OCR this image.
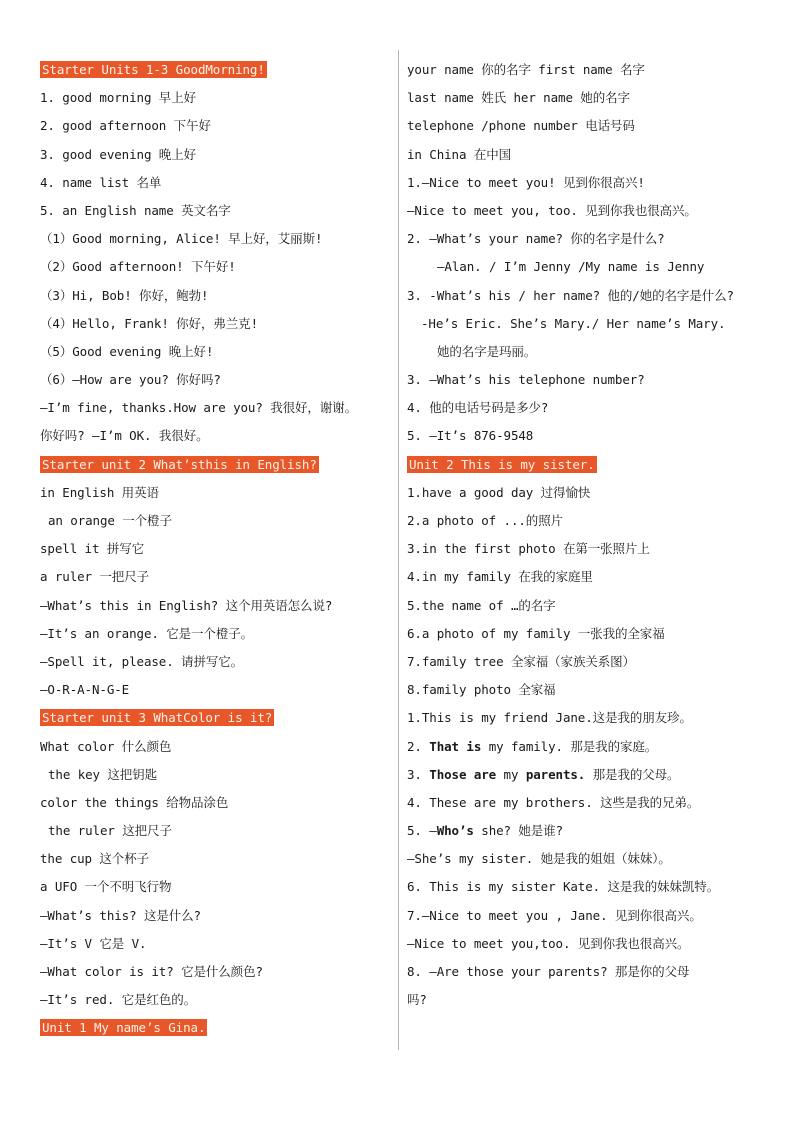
Starter Units 1-3 GoodMorning!
1. good morning 早上好
2. good afternoon 下午好
3. good evening 晚上好
4. name list 名单
5. an English name 英文名字
（1）Good morning, Alice! 早上好，艾丽斯!
（2）Good afternoon! 下午好!
（3）Hi, Bob! 你好，鲍勃!
（4）Hello, Frank! 你好，弗兰克!
（5）Good evening 晚上好!
（6）—How are you? 你好吗?
—I’m fine, thanks.How are you? 我很好，谢谢。
你好吗? —I’m OK. 我很好。
Starter unit 2 What’sthis in English?
in English 用英语
an orange 一个橙子
spell it 拼写它
a ruler 一把尺子
—What’s this in English? 这个用英语怎么说?
—It’s an orange. 它是一个橙子。
—Spell it, please. 请拼写它。
—O-R-A-N-G-E
Starter unit 3 WhatColor is it?
What color 什么颜色
the key 这把钥匙
color the things 给物品涂色
the ruler 这把尺子
the cup 这个杯子
a UFO 一个不明飞行物
—What’s this? 这是什么?
—It’s V 它是 V.
—What color is it? 它是什么颜色?
—It’s red. 它是红色的。
Unit 1 My name’s Gina.
your name 你的名字 first name 名字
last name 姓氏 her name 她的名字
telephone /phone number 电话号码
in China 在中国
1.—Nice to meet you! 见到你很高兴!
—Nice to meet you, too. 见到你我也很高兴。
2. —What’s your name? 你的名字是什么?
—Alan. / I’m Jenny /My name is Jenny
3. -What’s his / her name? 他的/她的名字是什么?
-He’s Eric. She’s Mary./ Her name’s Mary.
她的名字是玛丽。
3. —What’s his telephone number?
4. 他的电话号码是多少?
5. —It’s 876-9548
Unit 2 This is my sister.
1.have a good day 过得愉快
2.a photo of ...的照片
3.in the first photo 在第一张照片上
4.in my family 在我的家庭里
5.the name of …的名字
6.a photo of my family 一张我的全家福
7.family tree 全家福（家族关系图）
8.family photo 全家福
1.This is my friend Jane.这是我的朋友珍。
2. That is my family. 那是我的家庭。
3. Those are my parents. 那是我的父母。
4. These are my brothers. 这些是我的兄弟。
5. —Who’s she? 她是谁?
—She’s my sister. 她是我的姐姐（妹妹）。
6. This is my sister Kate. 这是我的妹妹凯特。
7.—Nice to meet you , Jane. 见到你很高兴。
—Nice to meet you,too. 见到你我也很高兴。
8. —Are those your parents? 那是你的父母
吗?
